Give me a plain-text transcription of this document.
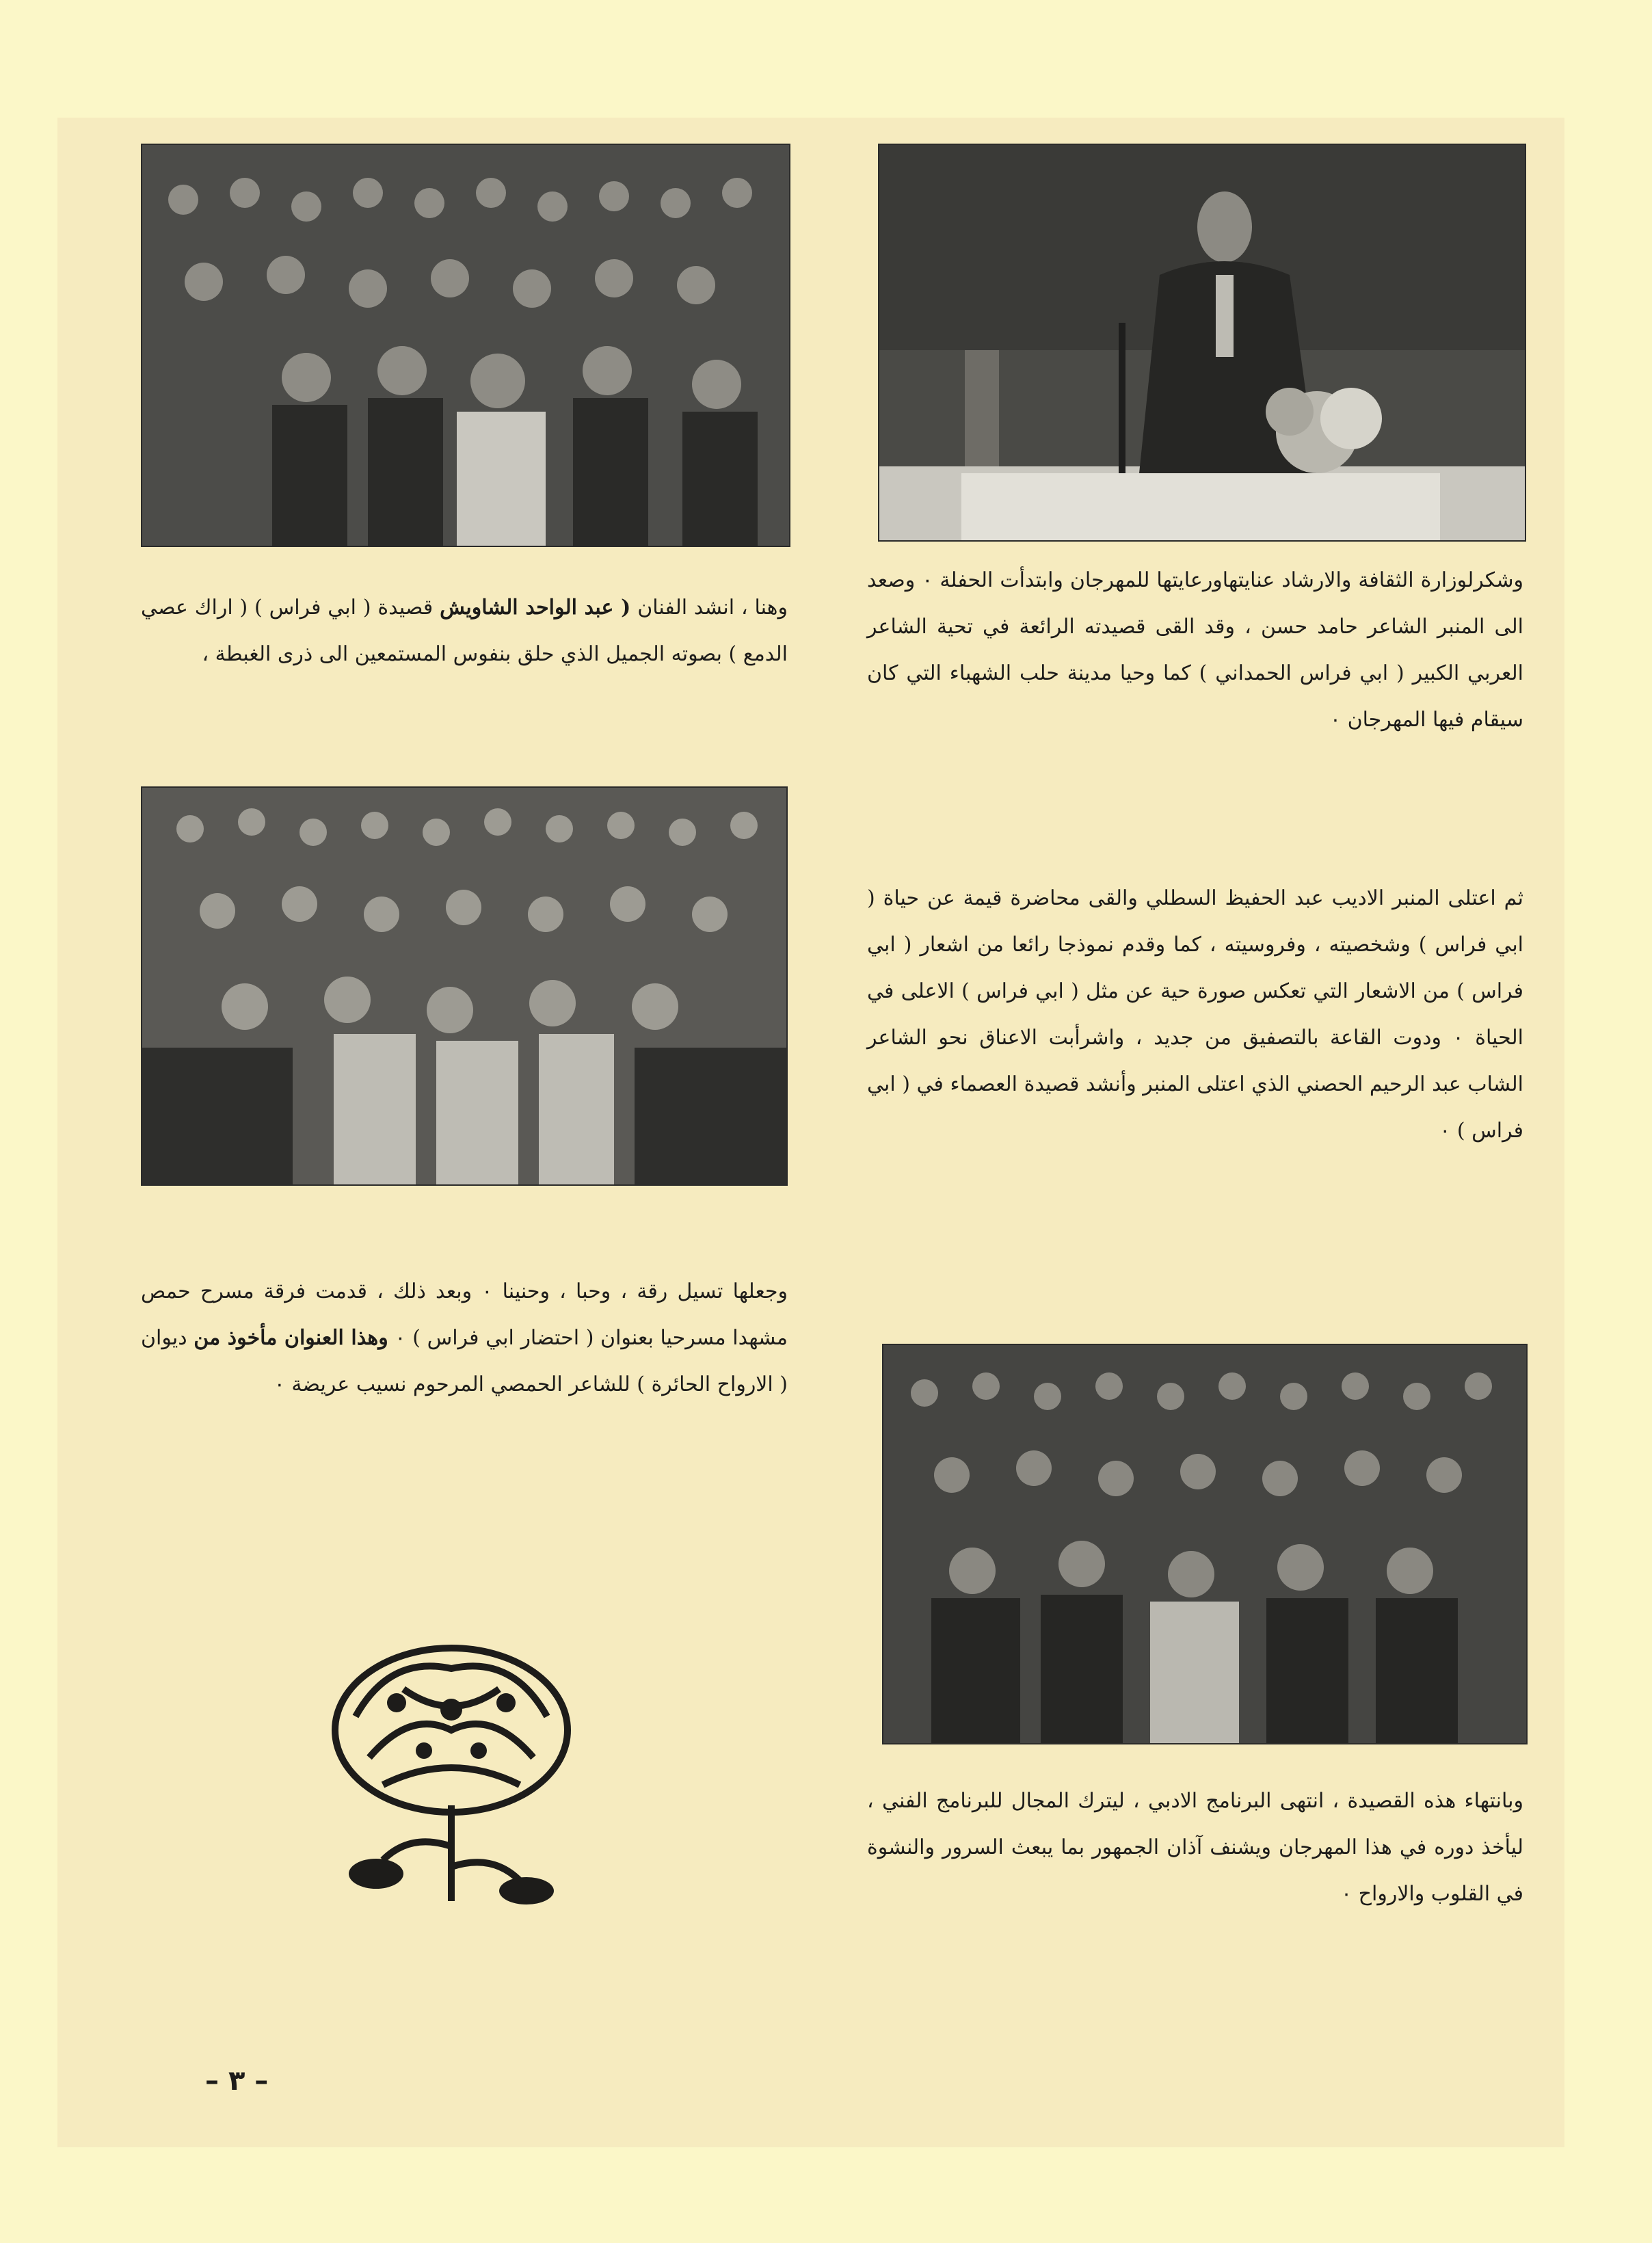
وهنا ، انشد الفنان ( عبد الواحد الشاويش قصيدة ( ابي فراس ) ( اراك عصي الدمع ) بصوته الجميل الذي حلق بنفوس المستمعين الى ذرى الغبطة ،

وجعلها تسيل رقة ، وحبا ، وحنينا ٠ وبعد ذلك ، قدمت فرقة مسرح حمص مشهدا مسرحيا بعنوان ( احتضار ابي فراس ) ٠ وهذا العنوان مأخوذ من ديوان ( الارواح الحائرة ) للشاعر الحمصي المرحوم نسيب عريضة ٠

وشكرلوزارة الثقافة والارشاد عنايتهاورعايتها للمهرجان وابتدأت الحفلة ٠ وصعد الى المنبر الشاعر حامد حسن ، وقد القى قصيدته الرائعة في تحية الشاعر العربي الكبير ( ابي فراس الحمداني ) كما وحيا مدينة حلب الشهباء التي كان سيقام فيها المهرجان ٠

ثم اعتلى المنبر الاديب عبد الحفيظ السطلي والقى محاضرة قيمة عن حياة ( ابي فراس ) وشخصيته ، وفروسيته ، كما وقدم نموذجا رائعا من اشعار ( ابي فراس ) من الاشعار التي تعكس صورة حية عن مثل ( ابي فراس ) الاعلى في الحياة ٠ ودوت القاعة بالتصفيق من جديد ، واشرأبت الاعناق نحو الشاعر الشاب عبد الرحيم الحصني الذي اعتلى المنبر وأنشد قصيدة العصماء في ( ابي فراس ) ٠

وبانتهاء هذه القصيدة ، انتهى البرنامج الادبي ، ليترك المجال للبرنامج الفني ، ليأخذ دوره في هذا المهرجان ويشنف آذان الجمهور بما يبعث السرور والنشوة في القلوب والارواح ٠

– ٣ –
